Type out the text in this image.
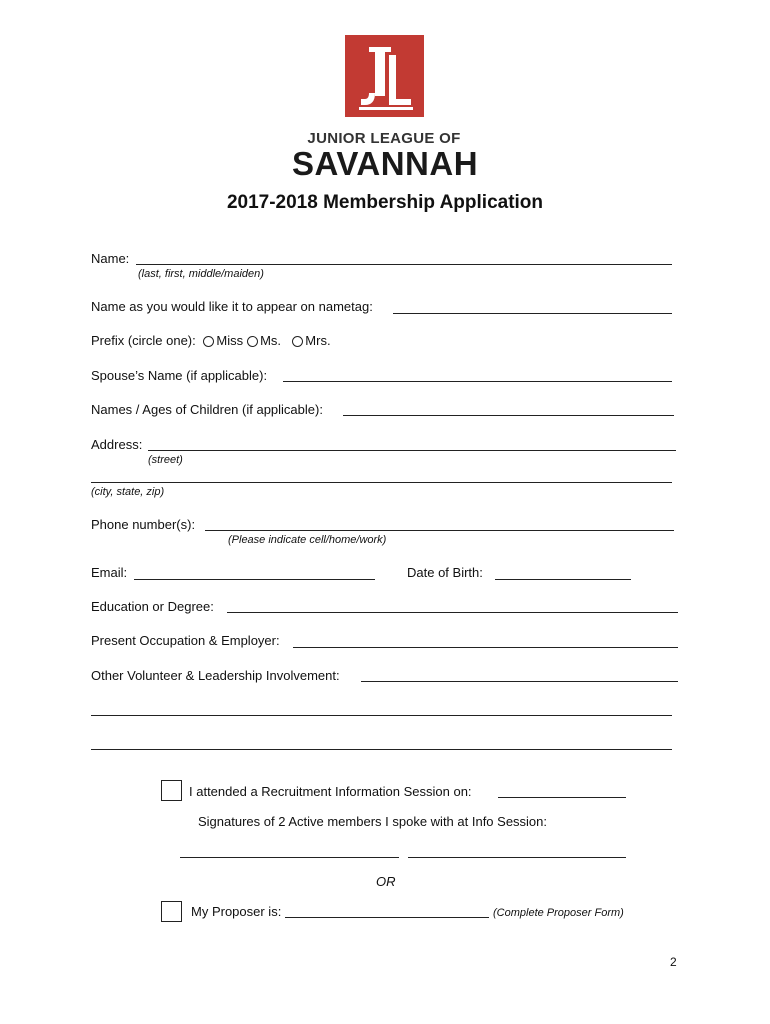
JUNIOR LEAGUE OF
SAVANNAH
2017-2018 Membership Application
Name:
(last, first, middle/maiden)
Name as you would like it to appear on nametag:
Prefix (circle one): Miss Ms. Mrs.
Spouse’s Name (if applicable):
Names / Ages of Children (if applicable):
Address:
(street)
(city, state, zip)
Phone number(s):
(Please indicate cell/home/work)
Email:	Date of Birth:
Education or Degree:
Present Occupation & Employer:
Other Volunteer & Leadership Involvement:
I attended a Recruitment Information Session on:
Signatures of 2 Active members I spoke with at Info Session:
OR
My Proposer is:	(Complete Proposer Form)
2
